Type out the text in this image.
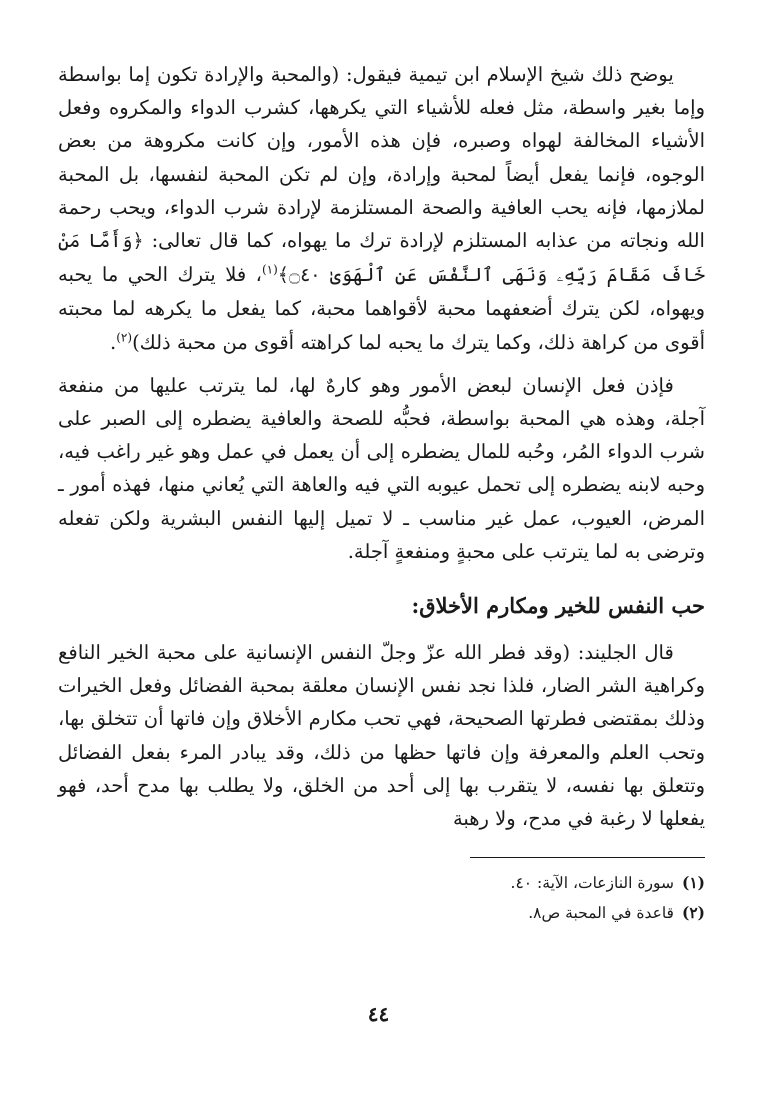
يوضح ذلك شيخ الإسلام ابن تيمية فيقول: (والمحبة والإرادة تكون إما بواسطة وإما بغير واسطة، مثل فعله للأشياء التي يكرهها، كشرب الدواء والمكروه وفعل الأشياء المخالفة لهواه وصبره، فإن هذه الأمور، وإن كانت مكروهة من بعض الوجوه، فإنما يفعل أيضاً لمحبة وإرادة، وإن لم تكن المحبة لنفسها، بل المحبة لملازمها، فإنه يحب العافية والصحة المستلزمة لإرادة شرب الدواء، ويحب رحمة الله ونجاته من عذابه المستلزم لإرادة ترك ما يهواه، كما قال تعالى: ﴿وَأَمَّا مَنْ خَافَ مَقَامَ رَبِّهِۦ وَنَهَى ٱلنَّفْسَ عَنِ ٱلْهَوَىٰ ۝٤٠﴾$^{(١)}$، فلا يترك الحي ما يحبه ويهواه، لكن يترك أضعفهما محبة لأقواهما محبة، كما يفعل ما يكرهه لما محبته أقوى من كراهة ذلك، وكما يترك ما يحبه لما كراهته أقوى من محبة ذلك)$^{(٢)}$.

فإذن فعل الإنسان لبعض الأمور وهو كارهٌ لها، لما يترتب عليها من منفعة آجلة، وهذه هي المحبة بواسطة، فحبُّه للصحة والعافية يضطره إلى الصبر على شرب الدواء المُر، وحُبه للمال يضطره إلى أن يعمل في عمل وهو غير راغب فيه، وحبه لابنه يضطره إلى تحمل عيوبه التي فيه والعاهة التي يُعاني منها، فهذه أمور ـ المرض، العيوب، عمل غير مناسب ـ لا تميل إليها النفس البشرية ولكن تفعله وترضى به لما يترتب على محبةٍ ومنفعةٍ آجلة.

حب النفس للخير ومكارم الأخلاق:

قال الجليند: (وقد فطر الله عزّ وجلّ النفس الإنسانية على محبة الخير النافع وكراهية الشر الضار، فلذا نجد نفس الإنسان معلقة بمحبة الفضائل وفعل الخيرات وذلك بمقتضى فطرتها الصحيحة، فهي تحب مكارم الأخلاق وإن فاتها أن تتخلق بها، وتحب العلم والمعرفة وإن فاتها حظها من ذلك، وقد يبادر المرء بفعل الفضائل وتتعلق بها نفسه، لا يتقرب بها إلى أحد من الخلق، ولا يطلب بها مدح أحد، فهو يفعلها لا رغبة في مدح، ولا رهبة

(١)سورة النازعات، الآية: ٤٠.
(٢)قاعدة في المحبة ص٨.
٤٤
